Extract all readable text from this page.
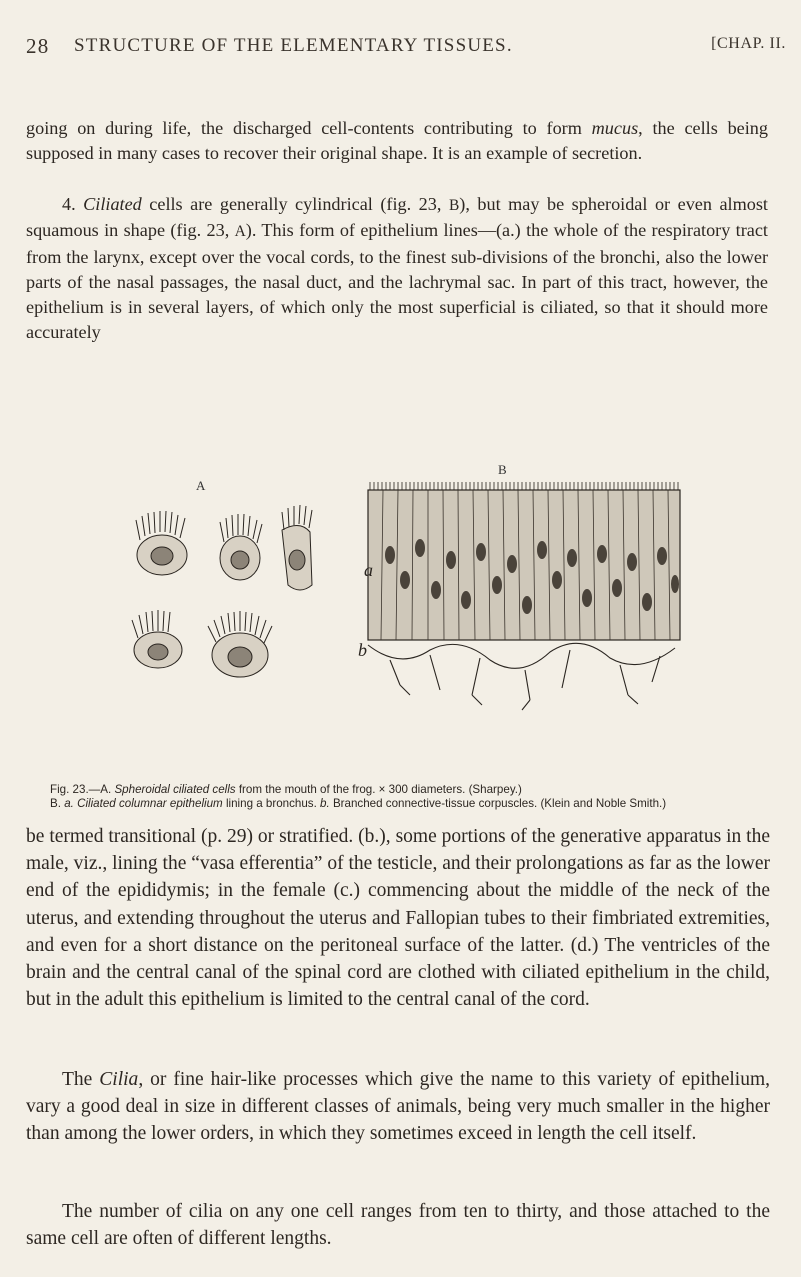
28 STRUCTURE OF THE ELEMENTARY TISSUES.	[CHAP. II.

going on during life, the discharged cell-contents contributing to form mucus, the cells being supposed in many cases to recover their original shape. It is an example of secretion.

4. Ciliated cells are generally cylindrical (fig. 23, B), but may be spheroidal or even almost squamous in shape (fig. 23, A). This form of epithelium lines—(a.) the whole of the respiratory tract from the larynx, except over the vocal cords, to the finest sub-divisions of the bronchi, also the lower parts of the nasal passages, the nasal duct, and the lachrymal sac. In part of this tract, however, the epithelium is in several layers, of which only the most superficial is ciliated, so that it should more accurately

A
B
a
b
Fig. 23.—A. Spheroidal ciliated cells from the mouth of the frog. × 300 diameters. (Sharpey.)
B. a. Ciliated columnar epithelium lining a bronchus. b. Branched connective-tissue corpuscles. (Klein and Noble Smith.)

be termed transitional (p. 29) or stratified. (b.), some portions of the generative apparatus in the male, viz., lining the “vasa efferentia” of the testicle, and their prolongations as far as the lower end of the epididymis; in the female (c.) commencing about the middle of the neck of the uterus, and extending throughout the uterus and Fallopian tubes to their fimbriated extremities, and even for a short distance on the peritoneal surface of the latter. (d.) The ventricles of the brain and the central canal of the spinal cord are clothed with ciliated epithelium in the child, but in the adult this epithelium is limited to the central canal of the cord.

The Cilia, or fine hair-like processes which give the name to this variety of epithelium, vary a good deal in size in different classes of animals, being very much smaller in the higher than among the lower orders, in which they sometimes exceed in length the cell itself.

The number of cilia on any one cell ranges from ten to thirty, and those attached to the same cell are often of different lengths.
